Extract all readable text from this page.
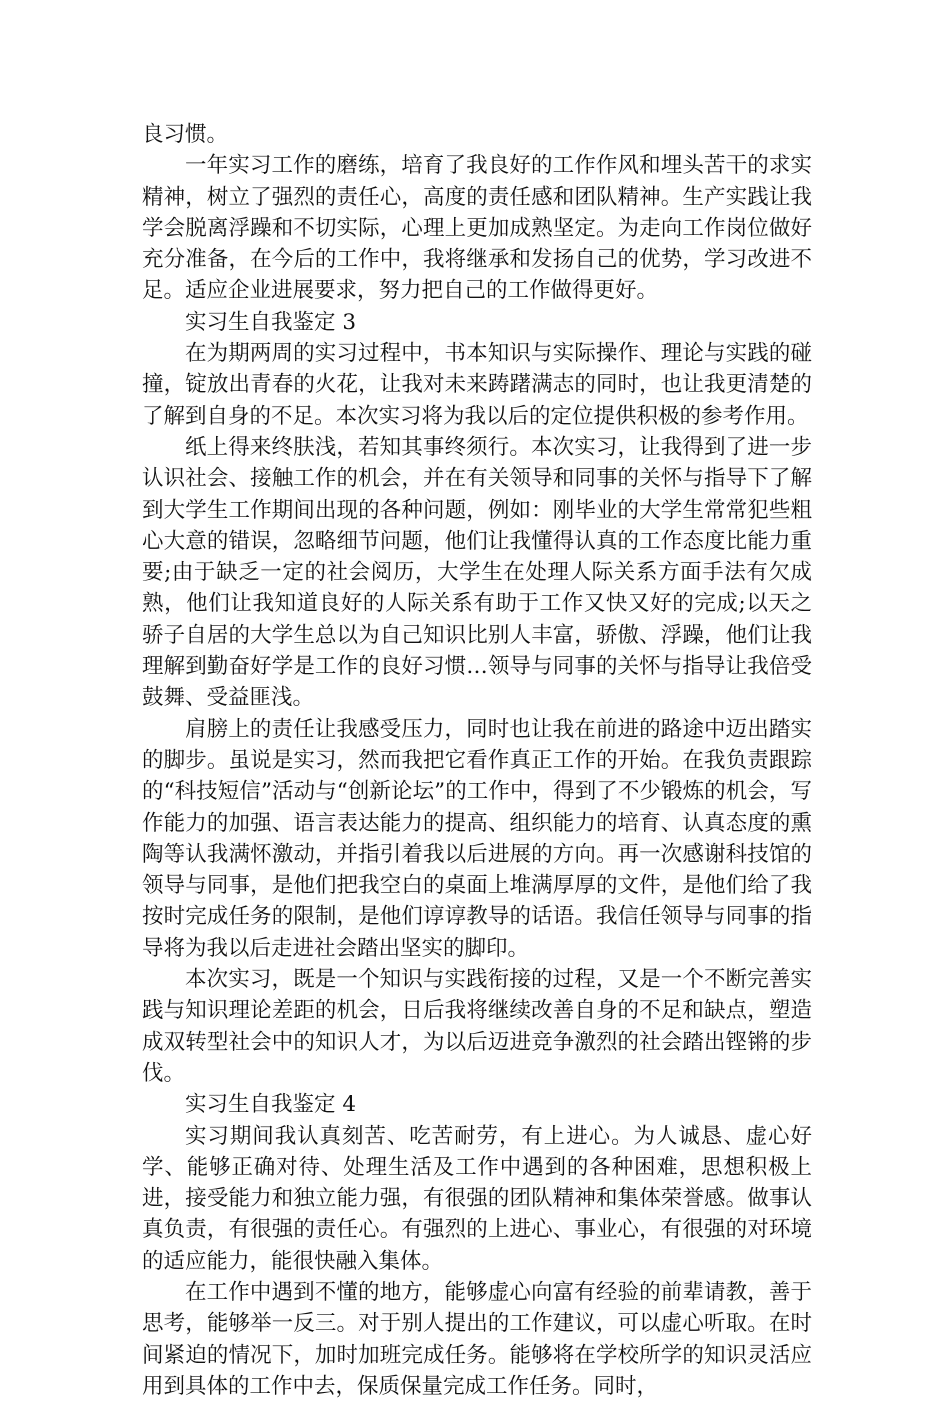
良习惯。

一年实习工作的磨练，培育了我良好的工作作风和埋头苦干的求实精神，树立了强烈的责任心，高度的责任感和团队精神。生产实践让我学会脱离浮躁和不切实际，心理上更加成熟坚定。为走向工作岗位做好充分准备，在今后的工作中，我将继承和发扬自己的优势，学习改进不足。适应企业进展要求，努力把自己的工作做得更好。

实习生自我鉴定 3

在为期两周的实习过程中，书本知识与实际操作、理论与实践的碰撞，锭放出青春的火花，让我对未来踌躇满志的同时，也让我更清楚的了解到自身的不足。本次实习将为我以后的定位提供积极的参考作用。

纸上得来终肤浅，若知其事终须行。本次实习，让我得到了进一步认识社会、接触工作的机会，并在有关领导和同事的关怀与指导下了解到大学生工作期间出现的各种问题，例如：刚毕业的大学生常常犯些粗心大意的错误，忽略细节问题，他们让我懂得认真的工作态度比能力重要;由于缺乏一定的社会阅历，大学生在处理人际关系方面手法有欠成熟，他们让我知道良好的人际关系有助于工作又快又好的完成;以天之骄子自居的大学生总以为自己知识比别人丰富，骄傲、浮躁，他们让我理解到勤奋好学是工作的良好习惯…领导与同事的关怀与指导让我倍受鼓舞、受益匪浅。

肩膀上的责任让我感受压力，同时也让我在前进的路途中迈出踏实的脚步。虽说是实习，然而我把它看作真正工作的开始。在我负责跟踪的“科技短信”活动与“创新论坛”的工作中，得到了不少锻炼的机会，写作能力的加强、语言表达能力的提高、组织能力的培育、认真态度的熏陶等认我满怀激动，并指引着我以后进展的方向。再一次感谢科技馆的领导与同事，是他们把我空白的桌面上堆满厚厚的文件，是他们给了我按时完成任务的限制，是他们谆谆教导的话语。我信任领导与同事的指导将为我以后走进社会踏出坚实的脚印。

本次实习，既是一个知识与实践衔接的过程，又是一个不断完善实践与知识理论差距的机会，日后我将继续改善自身的不足和缺点，塑造成双转型社会中的知识人才，为以后迈进竞争激烈的社会踏出铿锵的步伐。

实习生自我鉴定 4

实习期间我认真刻苦、吃苦耐劳，有上进心。为人诚恳、虚心好学、能够正确对待、处理生活及工作中遇到的各种困难，思想积极上进，接受能力和独立能力强，有很强的团队精神和集体荣誉感。做事认真负责，有很强的责任心。有强烈的上进心、事业心，有很强的对环境的适应能力，能很快融入集体。

在工作中遇到不懂的地方，能够虚心向富有经验的前辈请教，善于思考，能够举一反三。对于别人提出的工作建议，可以虚心听取。在时间紧迫的情况下，加时加班完成任务。能够将在学校所学的知识灵活应用到具体的工作中去，保质保量完成工作任务。同时，
